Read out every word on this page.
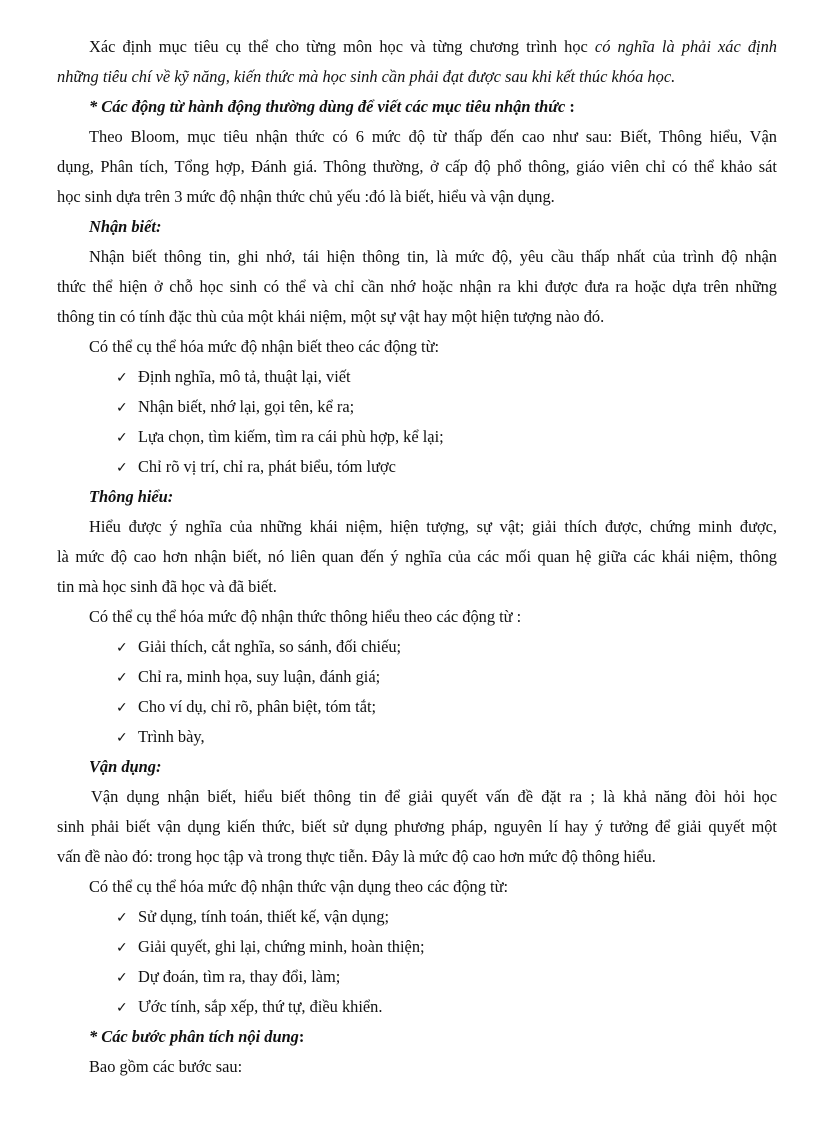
Xác định mục tiêu cụ thể cho từng môn học và từng chương trình học có nghĩa là phải xác định
những tiêu chí về kỹ năng, kiến thức mà học sinh cần phải đạt được sau khi kết thúc khóa học.

* Các động từ hành động thường dùng để viết các mục tiêu nhận thức :

Theo Bloom, mục tiêu nhận thức có 6 mức độ từ thấp đến cao như sau: Biết, Thông hiểu, Vận
dụng, Phân tích, Tổng hợp, Đánh giá. Thông thường, ở cấp độ phổ thông, giáo viên chỉ có thể khảo sát
học sinh dựa trên 3 mức độ nhận thức chủ yếu :đó là biết, hiểu và vận dụng.

Nhận biết:

Nhận biết thông tin, ghi nhớ, tái hiện thông tin, là mức độ, yêu cầu thấp nhất của trình độ nhận
thức thể hiện ở chỗ học sinh có thể và chỉ cần nhớ hoặc nhận ra khi được đưa ra hoặc dựa trên những
thông tin có tính đặc thù của một khái niệm, một sự vật hay một hiện tượng nào đó.

Có thể cụ thể hóa mức độ nhận biết theo các động từ:

✓ Định nghĩa, mô tả, thuật lại, viết
✓ Nhận biết, nhớ lại, gọi tên, kể ra;
✓ Lựa chọn, tìm kiếm, tìm ra cái phù hợp, kể lại;
✓ Chỉ rõ vị trí, chỉ ra, phát biểu, tóm lược

Thông hiểu:

Hiểu được ý nghĩa của những khái niệm, hiện tượng, sự vật; giải thích được, chứng minh được,
là mức độ cao hơn nhận biết, nó liên quan đến ý nghĩa của các mối quan hệ giữa các khái niệm, thông
tin mà học sinh đã học và đã biết.

Có thể cụ thể hóa mức độ nhận thức thông hiểu theo các động từ :

✓ Giải thích, cắt nghĩa, so sánh, đối chiếu;
✓ Chỉ ra, minh họa, suy luận, đánh giá;
✓ Cho ví dụ, chỉ rõ, phân biệt, tóm tắt;
✓ Trình bày,

Vận dụng:

Vận dụng nhận biết, hiểu biết thông tin để giải quyết vấn đề đặt ra ; là khả năng đòi hỏi học
sinh phải biết vận dụng kiến thức, biết sử dụng phương pháp, nguyên lí hay ý tưởng để giải quyết một
vấn đề nào đó: trong học tập và trong thực tiễn. Đây là mức độ cao hơn mức độ thông hiểu.

Có thể cụ thể hóa mức độ nhận thức vận dụng theo các động từ:

✓ Sử dụng, tính toán, thiết kế, vận dụng;
✓ Giải quyết, ghi lại, chứng minh, hoàn thiện;
✓ Dự đoán, tìm ra, thay đổi, làm;
✓ Ước tính, sắp xếp, thứ tự, điều khiển.

* Các bước phân tích nội dung:

Bao gồm các bước sau:
